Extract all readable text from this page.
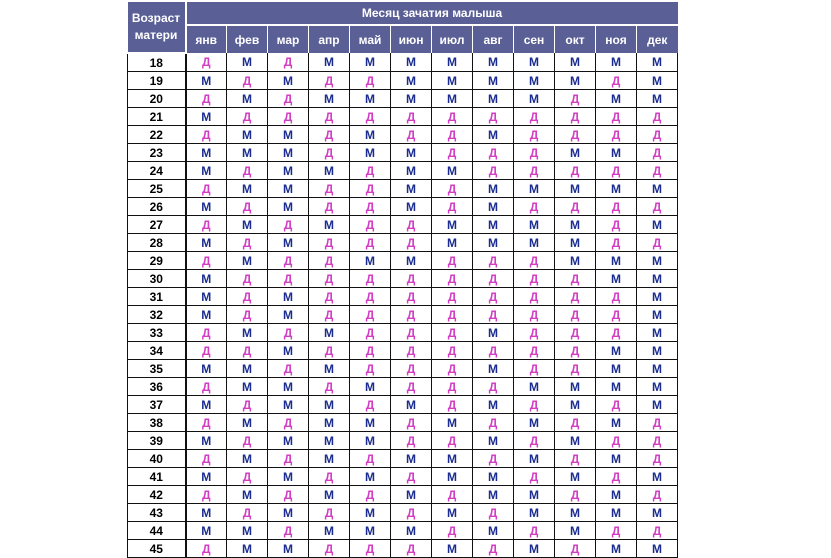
Возраст
матери	Месяц зачатия малыша											
	янв	фев	мар	апр	май	июн	июл	авг	сен	окт	ноя	дек
18	Д	М	Д	М	М	М	М	М	М	М	М	М
19	М	Д	М	Д	Д	М	М	М	М	М	Д	М
20	Д	М	Д	М	М	М	М	М	М	Д	М	М
21	М	Д	Д	Д	Д	Д	Д	Д	Д	Д	Д	Д
22	Д	М	М	Д	М	Д	Д	М	Д	Д	Д	Д
23	М	М	М	Д	М	М	Д	Д	Д	М	М	Д
24	М	Д	М	М	Д	М	М	Д	Д	Д	Д	Д
25	Д	М	М	Д	Д	М	Д	М	М	М	М	М
26	М	Д	М	Д	Д	М	Д	М	Д	Д	Д	Д
27	Д	М	Д	М	Д	Д	М	М	М	М	Д	М
28	М	Д	М	Д	Д	Д	М	М	М	М	Д	Д
29	Д	М	Д	Д	М	М	Д	Д	Д	М	М	М
30	М	Д	Д	Д	Д	Д	Д	Д	Д	Д	М	М
31	М	Д	М	Д	Д	Д	Д	Д	Д	Д	Д	М
32	М	Д	М	Д	Д	Д	Д	Д	Д	Д	Д	М
33	Д	М	Д	М	Д	Д	Д	М	Д	Д	Д	М
34	Д	Д	М	Д	Д	Д	Д	Д	Д	Д	М	М
35	М	М	Д	М	Д	Д	Д	М	Д	Д	М	М
36	Д	М	М	Д	М	Д	Д	Д	М	М	М	М
37	М	Д	М	М	Д	М	Д	М	Д	М	Д	М
38	Д	М	Д	М	М	Д	М	Д	М	Д	М	Д
39	М	Д	М	М	М	Д	Д	М	Д	М	Д	Д
40	Д	М	Д	М	Д	М	М	Д	М	Д	М	Д
41	М	Д	М	Д	М	Д	М	М	Д	М	Д	М
42	Д	М	Д	М	Д	М	Д	М	М	Д	М	Д
43	М	Д	М	Д	М	Д	М	Д	М	М	М	М
44	М	М	Д	М	М	М	Д	М	Д	М	Д	Д
45	Д	М	М	Д	Д	Д	М	Д	М	Д	М	М
